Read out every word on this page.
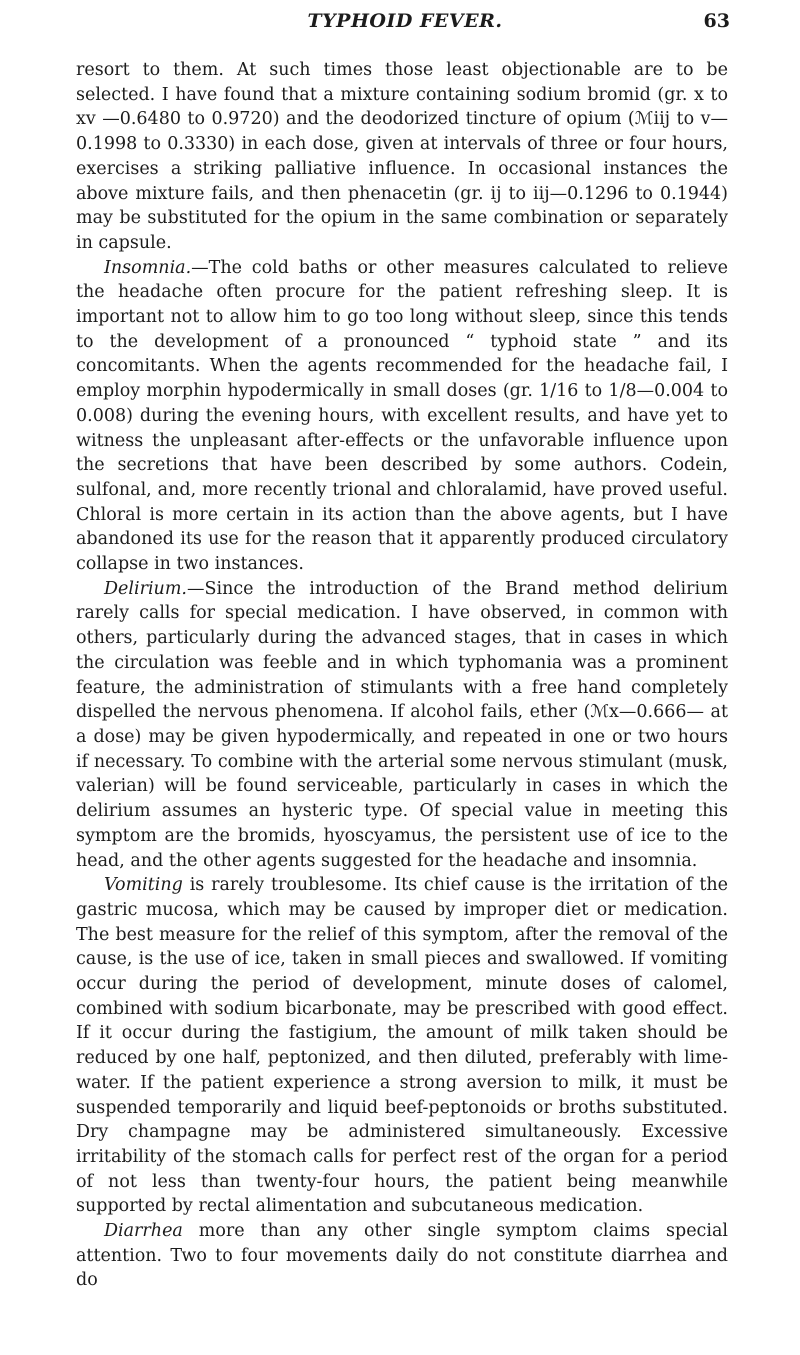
TYPHOID FEVER.	63

resort to them. At such times those least objectionable are to be selected. I have found that a mixture containing sodium bromid (gr. x to xv —0.6480 to 0.9720) and the deodorized tincture of opium (ℳiij to v— 0.1998 to 0.3330) in each dose, given at intervals of three or four hours, exercises a striking palliative influence. In occasional instances the above mixture fails, and then phenacetin (gr. ij to iij—0.1296 to 0.1944) may be substituted for the opium in the same combination or separately in capsule.

Insomnia.—The cold baths or other measures calculated to relieve the headache often procure for the patient refreshing sleep. It is important not to allow him to go too long without sleep, since this tends to the development of a pronounced “ typhoid state ” and its concomitants. When the agents recommended for the headache fail, I employ morphin hypodermically in small doses (gr. 1/16 to 1/8—0.004 to 0.008) during the evening hours, with excellent results, and have yet to witness the unpleasant after-effects or the unfavorable influence upon the secretions that have been described by some authors. Codein, sulfonal, and, more recently trional and chloralamid, have proved useful. Chloral is more certain in its action than the above agents, but I have abandoned its use for the reason that it apparently produced circulatory collapse in two instances.

Delirium.—Since the introduction of the Brand method delirium rarely calls for special medication. I have observed, in common with others, particularly during the advanced stages, that in cases in which the circulation was feeble and in which typhomania was a prominent feature, the administration of stimulants with a free hand completely dispelled the nervous phenomena. If alcohol fails, ether (ℳx—0.666— at a dose) may be given hypodermically, and repeated in one or two hours if necessary. To combine with the arterial some nervous stimulant (musk, valerian) will be found serviceable, particularly in cases in which the delirium assumes an hysteric type. Of special value in meeting this symptom are the bromids, hyoscyamus, the persistent use of ice to the head, and the other agents suggested for the headache and insomnia.

Vomiting is rarely troublesome. Its chief cause is the irritation of the gastric mucosa, which may be caused by improper diet or medication. The best measure for the relief of this symptom, after the removal of the cause, is the use of ice, taken in small pieces and swallowed. If vomiting occur during the period of development, minute doses of calomel, combined with sodium bicarbonate, may be prescribed with good effect. If it occur during the fastigium, the amount of milk taken should be reduced by one half, peptonized, and then diluted, preferably with lime-water. If the patient experience a strong aversion to milk, it must be suspended temporarily and liquid beef-peptonoids or broths substituted. Dry champagne may be administered simultaneously. Excessive irritability of the stomach calls for perfect rest of the organ for a period of not less than twenty-four hours, the patient being meanwhile supported by rectal alimentation and subcutaneous medication.

Diarrhea more than any other single symptom claims special attention. Two to four movements daily do not constitute diarrhea and do
